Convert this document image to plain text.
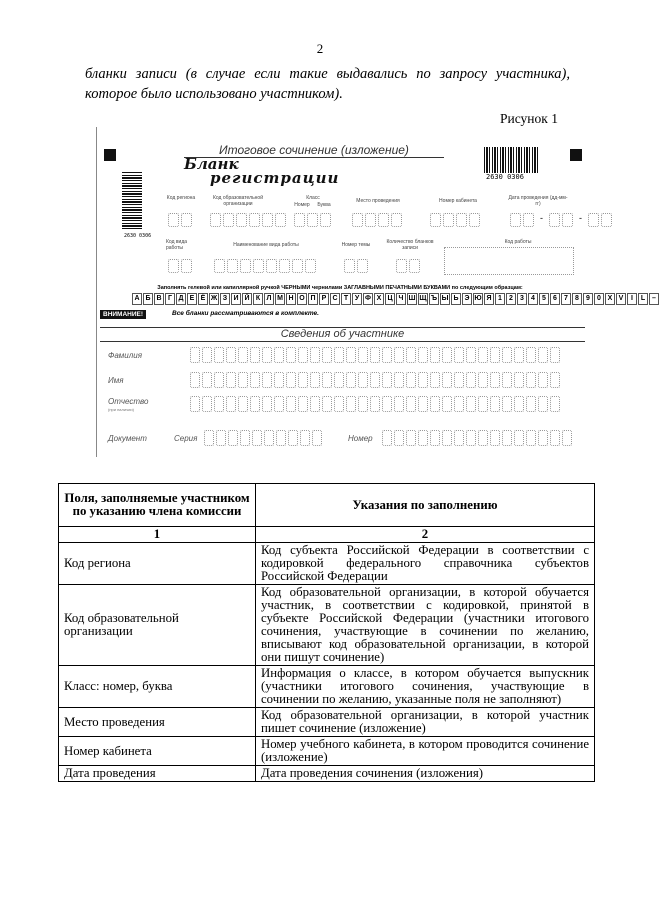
2
бланки записи (в случае если такие выдавались по запросу участника), которое было использовано участником).
Рисунок 1
Итоговое сочинение (изложение)
Бланк
регистрации	2630 0306
2630 0306
Код региона	Код образовательной организации
Класс
Номер	Буква
Место проведения	Номер кабинета	Дата проведения (дд-мм-гг)
-	-
Код вида работы	Наименование вида работы	Номер темы	Количество бланков записи
Код работы
Заполнять гелевой или капиллярной ручкой ЧЕРНЫМИ чернилами ЗАГЛАВНЫМИ ПЕЧАТНЫМИ БУКВАМИ по следующим образцам:
А Б В Г Д Е Ё Ж З И Й К Л М Н О П Р С Т У Ф Х Ц Ч Ш Щ Ъ Ы Ь Э Ю Я 1	2	3	4	5	6	7	8	9	0 X V	I	L –
ВНИМАНИЕ!	Все бланки рассматриваются в комплекте.
Сведения об участнике
Фамилия
Имя
Отчество
(при наличии)
Документ	Серия	Номер
Поля, заполняемые участником по указанию члена комиссии	Указания по заполнению
1	2
Код региона	Код субъекта Российской Федерации в соответствии с кодировкой федерального справочника субъектов Российской Федерации
Код образовательной организации	Код образовательной организации, в которой обучается участник, в соответствии с кодировкой, принятой в субъекте Российской Федерации (участники итогового сочинения, участвующие в сочинении по желанию, вписывают код образовательной организации, в которой они пишут сочинение)
Класс: номер, буква	Информация о классе, в котором обучается выпускник (участники итогового сочинения, участвующие в сочинении по желанию, указанные поля не заполняют)
Место проведения	Код образовательной организации, в которой участник пишет сочинение (изложение)
Номер кабинета	Номер учебного кабинета, в котором проводится сочинение (изложение)
Дата проведения	Дата проведения сочинения (изложения)
